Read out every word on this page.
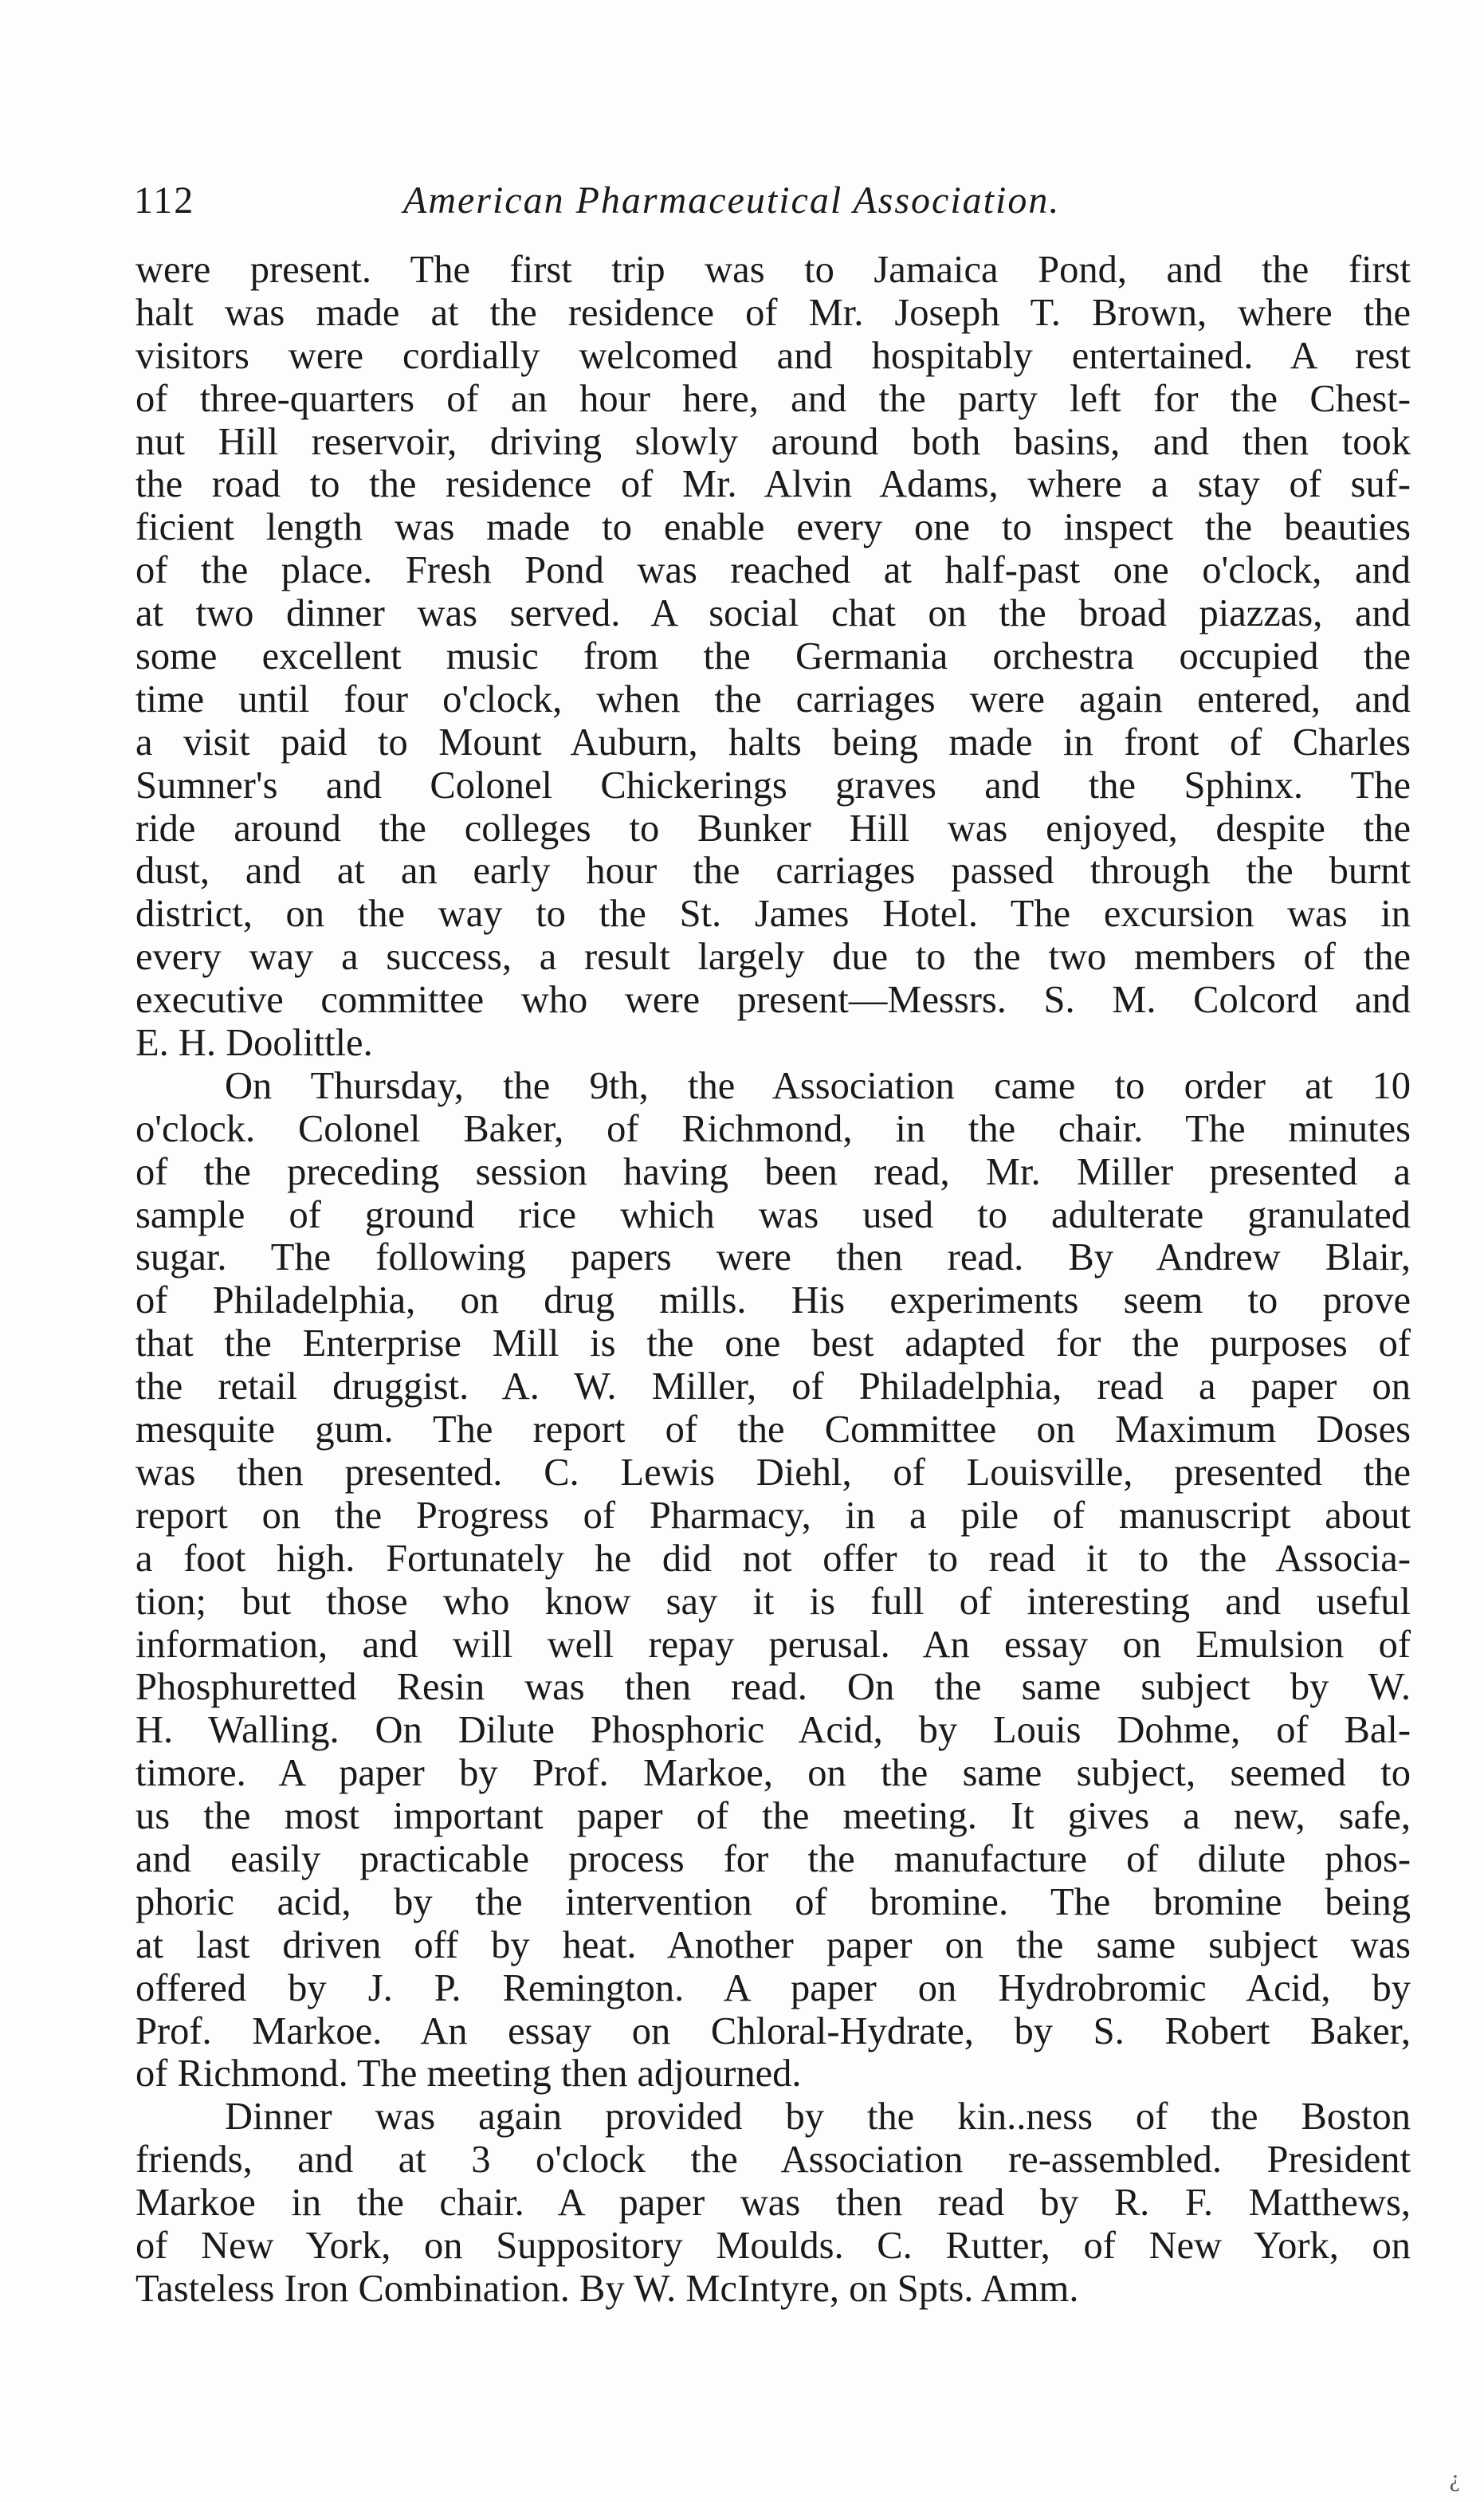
112	American Pharmaceutical Association.
were present. The first trip was to Jamaica Pond, and the first
halt was made at the residence of Mr. Joseph T. Brown, where the
visitors were cordially welcomed and hospitably entertained. A rest
of three-quarters of an hour here, and the party left for the Chest-
nut Hill reservoir, driving slowly around both basins, and then took
the road to the residence of Mr. Alvin Adams, where a stay of suf-
ficient length was made to enable every one to inspect the beauties
of the place. Fresh Pond was reached at half-past one o'clock, and
at two dinner was served. A social chat on the broad piazzas, and
some excellent music from the Germania orchestra occupied the
time until four o'clock, when the carriages were again entered, and
a visit paid to Mount Auburn, halts being made in front of Charles
Sumner's and Colonel Chickerings graves and the Sphinx. The
ride around the colleges to Bunker Hill was enjoyed, despite the
dust, and at an early hour the carriages passed through the burnt
district, on the way to the St. James Hotel. The excursion was in
every way a success, a result largely due to the two members of the
executive committee who were present—Messrs. S. M. Colcord and
E. H. Doolittle.
On Thursday, the 9th, the Association came to order at 10
o'clock. Colonel Baker, of Richmond, in the chair. The minutes
of the preceding session having been read, Mr. Miller presented a
sample of ground rice which was used to adulterate granulated
sugar. The following papers were then read. By Andrew Blair,
of Philadelphia, on drug mills. His experiments seem to prove
that the Enterprise Mill is the one best adapted for the purposes of
the retail druggist. A. W. Miller, of Philadelphia, read a paper on
mesquite gum. The report of the Committee on Maximum Doses
was then presented. C. Lewis Diehl, of Louisville, presented the
report on the Progress of Pharmacy, in a pile of manuscript about
a foot high. Fortunately he did not offer to read it to the Associa-
tion; but those who know say it is full of interesting and useful
information, and will well repay perusal. An essay on Emulsion of
Phosphuretted Resin was then read. On the same subject by W.
H. Walling. On Dilute Phosphoric Acid, by Louis Dohme, of Bal-
timore. A paper by Prof. Markoe, on the same subject, seemed to
us the most important paper of the meeting. It gives a new, safe,
and easily practicable process for the manufacture of dilute phos-
phoric acid, by the intervention of bromine. The bromine being
at last driven off by heat. Another paper on the same subject was
offered by J. P. Remington. A paper on Hydrobromic Acid, by
Prof. Markoe. An essay on Chloral-Hydrate, by S. Robert Baker,
of Richmond. The meeting then adjourned.
Dinner was again provided by the kin..ness of the Boston
friends, and at 3 o'clock the Association re-assembled. President
Markoe in the chair. A paper was then read by R. F. Matthews,
of New York, on Suppository Moulds. C. Rutter, of New York, on
Tasteless Iron Combination. By W. McIntyre, on Spts. Amm.
¿
